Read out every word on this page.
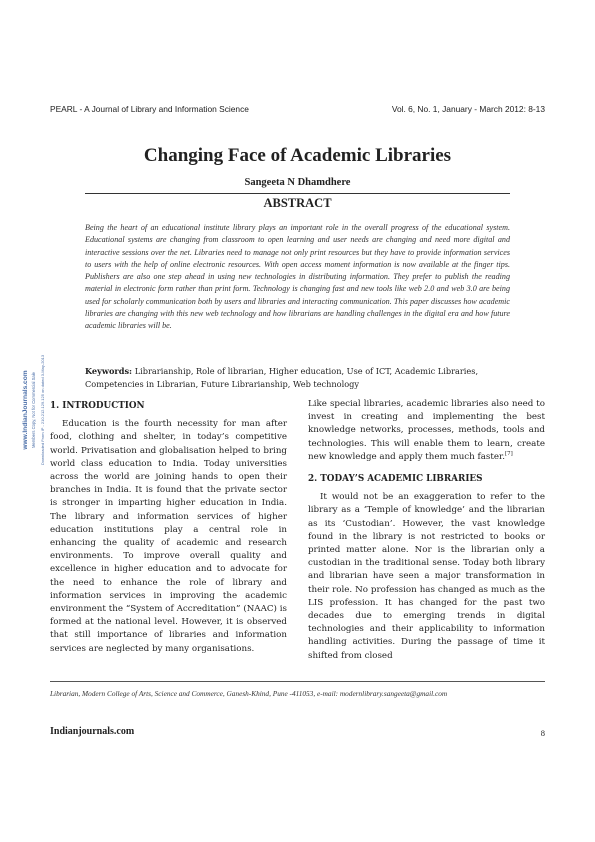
PEARL - A Journal of Library and Information Science	Vol. 6, No. 1, January - March 2012: 8-13
Changing Face of Academic Libraries
Sangeeta N Dhamdhere
ABSTRACT

Being the heart of an educational institute library plays an important role in the overall progress of the educational system. Educational systems are changing from classroom to open learning and user needs are changing and need more digital and interactive sessions over the net. Libraries need to manage not only print resources but they have to provide information services to users with the help of online electronic resources. With open access moment information is now available at the finger tips. Publishers are also one step ahead in using new technologies in distributing information. They prefer to publish the reading material in electronic form rather than print form. Technology is changing fast and new tools like web 2.0 and web 3.0 are being used for scholarly communication both by users and libraries and interacting communication. This paper discusses how academic libraries are changing with this new web technology and how librarians are handling challenges in the digital era and how future academic libraries will be.

Keywords: Librarianship, Role of librarian, Higher education, Use of ICT, Academic Libraries, Competencies in Librarian, Future Librarianship, Web technology

www.IndianJournals.com Members Copy, Not for Commercial Sale Downloaded From IP - 210.212.129.125 on dated 3-May-2013 1. INTRODUCTION

Education is the fourth necessity for man after food, clothing and shelter, in today’s competitive world. Privatisation and globalisation helped to bring world class education to India. Today universities across the world are joining hands to open their branches in India. It is found that the private sector is stronger in imparting higher education in India. The library and information services of higher education institutions play a central role in enhancing the quality of academic and research environments. To improve overall quality and excellence in higher education and to advocate for the need to enhance the role of library and information services in improving the academic environment the “System of Accreditation” (NAAC) is formed at the national level. However, it is observed that still importance of libraries and information services are neglected by many organisations.

Like special libraries, academic libraries also need to invest in creating and implementing the best knowledge networks, processes, methods, tools and technologies. This will enable them to learn, create new knowledge and apply them much faster.[7]

2. TODAY’S ACADEMIC LIBRARIES

It would not be an exaggeration to refer to the library as a ‘Temple of knowledge’ and the librarian as its ‘Custodian’. However, the vast knowledge found in the library is not restricted to books or printed matter alone. Nor is the librarian only a custodian in the traditional sense. Today both library and librarian have seen a major transformation in their role. No profession has changed as much as the LIS profession. It has changed for the past two decades due to emerging trends in digital technologies and their applicability to information handling activities. During the passage of time it shifted from closed

Librarian, Modern College of Arts, Science and Commerce, Ganesh-Khind, Pune -411053, e-mail: modernlibrary.sangeeta@gmail.com
Indianjournals.com	8
